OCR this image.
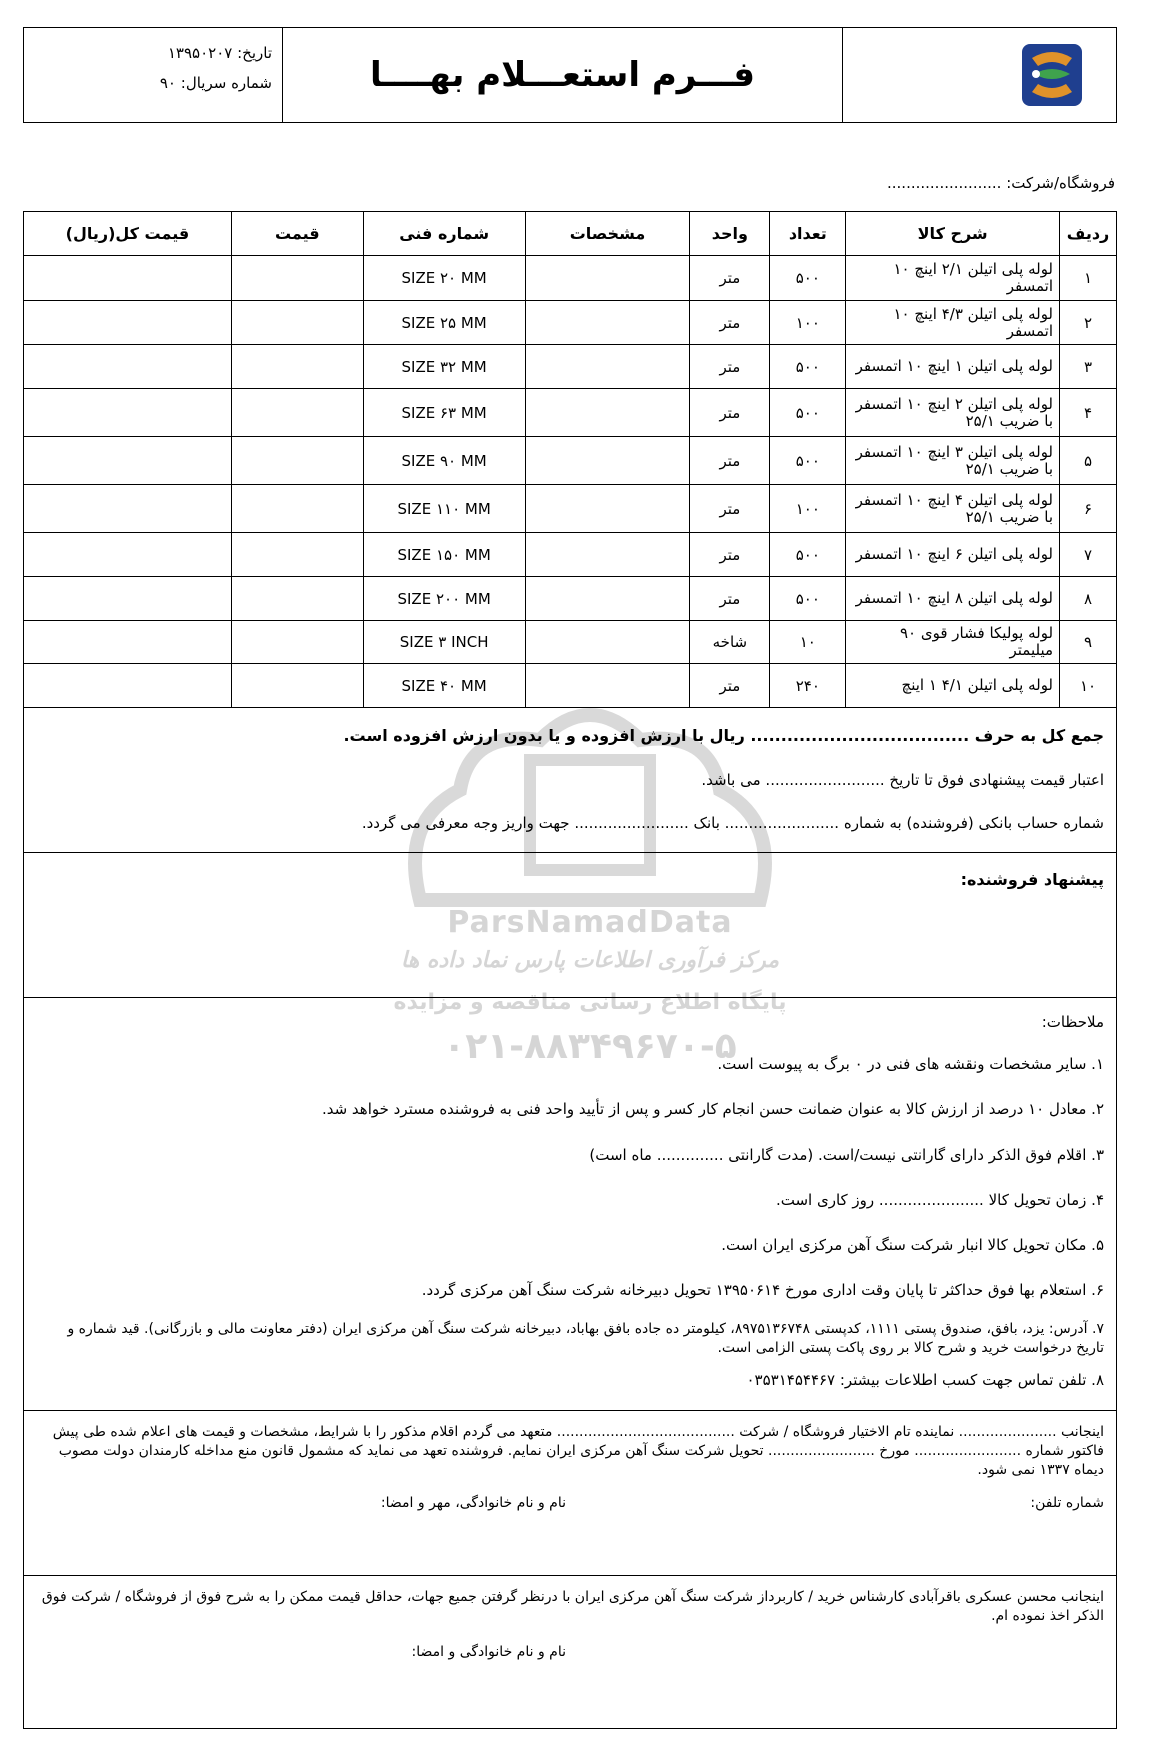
فـــرم استعـــلام بهــــا
تاریخ: ۱۳۹۵۰۲۰۷
شماره سریال: ۹۰
فروشگاه/شرکت: ........................
ردیف	شرح کالا	تعداد	واحد	مشخصات	شماره فنی	قیمت	قیمت کل(ریال)
۱	لوله پلی اتیلن ۲/۱ اینچ ۱۰ اتمسفر	۵۰۰	متر		SIZE ۲۰ MM		
۲	لوله پلی اتیلن ۴/۳ اینچ ۱۰ اتمسفر	۱۰۰	متر		SIZE ۲۵ MM		
۳	لوله پلی اتیلن ۱ اینچ ۱۰ اتمسفر	۵۰۰	متر		SIZE ۳۲ MM		
۴	لوله پلی اتیلن ۲ اینچ ۱۰ اتمسفر با ضریب ۲۵/۱	۵۰۰	متر		SIZE ۶۳ MM		
۵	لوله پلی اتیلن ۳ اینچ ۱۰ اتمسفر با ضریب ۲۵/۱	۵۰۰	متر		SIZE ۹۰ MM		
۶	لوله پلی اتیلن ۴ اینچ ۱۰ اتمسفر با ضریب ۲۵/۱	۱۰۰	متر		SIZE ۱۱۰ MM		
۷	لوله پلی اتیلن ۶ اینچ ۱۰ اتمسفر	۵۰۰	متر		SIZE ۱۵۰ MM		
۸	لوله پلی اتیلن ۸ اینچ ۱۰ اتمسفر	۵۰۰	متر		SIZE ۲۰۰ MM		
۹	لوله پولیکا فشار قوی ۹۰ میلیمتر	۱۰	شاخه		SIZE ۳ INCH		
۱۰	لوله پلی اتیلن ۴/۱ ۱ اینچ	۲۴۰	متر		SIZE ۴۰ MM		
ParsNamadData
مرکز فرآوری اطلاعات پارس نماد داده ها
پایگاه اطلاع رسانی مناقصه و مزایده
۰۲۱-۸۸۳۴۹۶۷۰-۵
جمع کل به حرف .................................... ریال با ارزش افزوده و یا بدون ارزش افزوده است.
اعتبار قیمت پیشنهادی فوق تا تاریخ ......................... می باشد.
شماره حساب بانکی (فروشنده) به شماره ........................ بانک ........................ جهت واریز وجه معرفی می گردد.
پیشنهاد فروشنده:
ملاحظات:
۱. سایر مشخصات ونقشه های فنی در ۰ برگ به پیوست است.
۲. معادل ۱۰ درصد از ارزش کالا به عنوان ضمانت حسن انجام کار کسر و پس از تأیید واحد فنی به فروشنده مسترد خواهد شد.
۳. اقلام فوق الذکر دارای گارانتی نیست/است. (مدت گارانتی .............. ماه است)
۴. زمان تحویل کالا ...................... روز کاری است.
۵. مکان تحویل کالا انبار شرکت سنگ آهن مرکزی ایران است.
۶. استعلام بها فوق حداکثر تا پایان وقت اداری مورخ ۱۳۹۵۰۶۱۴ تحویل دبیرخانه شرکت سنگ آهن مرکزی گردد.
۷. آدرس: یزد، بافق، صندوق پستی ۱۱۱۱، کدپستی ۸۹۷۵۱۳۶۷۴۸، کیلومتر ده جاده بافق بهاباد، دبیرخانه شرکت سنگ آهن مرکزی ایران (دفتر معاونت مالی و بازرگانی). قید شماره و تاریخ درخواست خرید و شرح کالا بر روی پاکت پستی الزامی است.
۸. تلفن تماس جهت کسب اطلاعات بیشتر: ۰۳۵۳۱۴۵۴۴۶۷
اینجانب ...................... نماینده تام الاختیار فروشگاه / شرکت ........................................ متعهد می گردم اقلام مذکور را با شرایط، مشخصات و قیمت های اعلام شده طی پیش فاکتور شماره ........................ مورخ ........................ تحویل شرکت سنگ آهن مرکزی ایران نمایم. فروشنده تعهد می نماید که مشمول قانون منع مداخله کارمندان دولت مصوب دیماه ۱۳۳۷ نمی شود.
شماره تلفن:
نام و نام خانوادگی، مهر و امضا:
اینجانب محسن عسکری باقرآبادی کارشناس خرید / کاربرداز شرکت سنگ آهن مرکزی ایران با درنظر گرفتن جمیع جهات، حداقل قیمت ممکن را به شرح فوق از فروشگاه / شرکت فوق الذکر اخذ نموده ام.
نام و نام خانوادگی و امضا:
